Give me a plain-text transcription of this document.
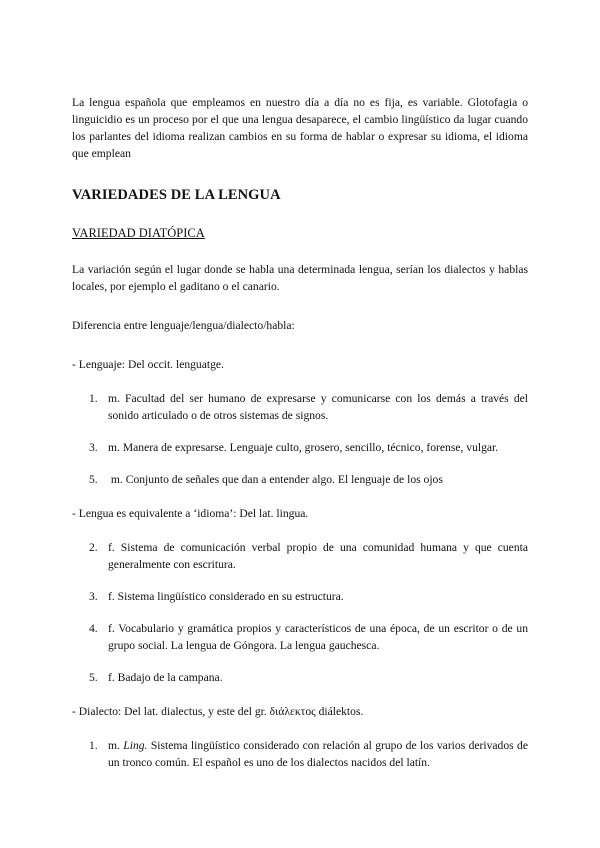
La lengua española que empleamos en nuestro día a día no es fija, es variable. Glotofagia o linguicidio es un proceso por el que una lengua desaparece, el cambio lingüístico da lugar cuando los parlantes del idioma realizan cambios en su forma de hablar o expresar su idioma, el idioma que emplean

VARIEDADES DE LA LENGUA
VARIEDAD DIATÓPICA

La variación según el lugar donde se habla una determinada lengua, serían los dialectos y hablas locales, por ejemplo el gaditano o el canario.

Diferencia entre lenguaje/lengua/dialecto/habla:

- Lenguaje: Del occit. lenguatge.

1. m. Facultad del ser humano de expresarse y comunicarse con los demás a través del sonido articulado o de otros sistemas de signos.
3. m. Manera de expresarse. Lenguaje culto, grosero, sencillo, técnico, forense, vulgar.
5. m. Conjunto de señales que dan a entender algo. El lenguaje de los ojos

- Lengua es equivalente a ‘idioma’: Del lat. lingua.

2. f. Sistema de comunicación verbal propio de una comunidad humana y que cuenta generalmente con escritura.
3. f. Sistema lingüístico considerado en su estructura.
4. f. Vocabulario y gramática propios y característicos de una época, de un escritor o de un grupo social. La lengua de Góngora. La lengua gauchesca.
5. f. Badajo de la campana.

- Dialecto: Del lat. dialectus, y este del gr. διάλεκτος diálektos.

1. m. Ling. Sistema lingüístico considerado con relación al grupo de los varios derivados de un tronco común. El español es uno de los dialectos nacidos del latín.
